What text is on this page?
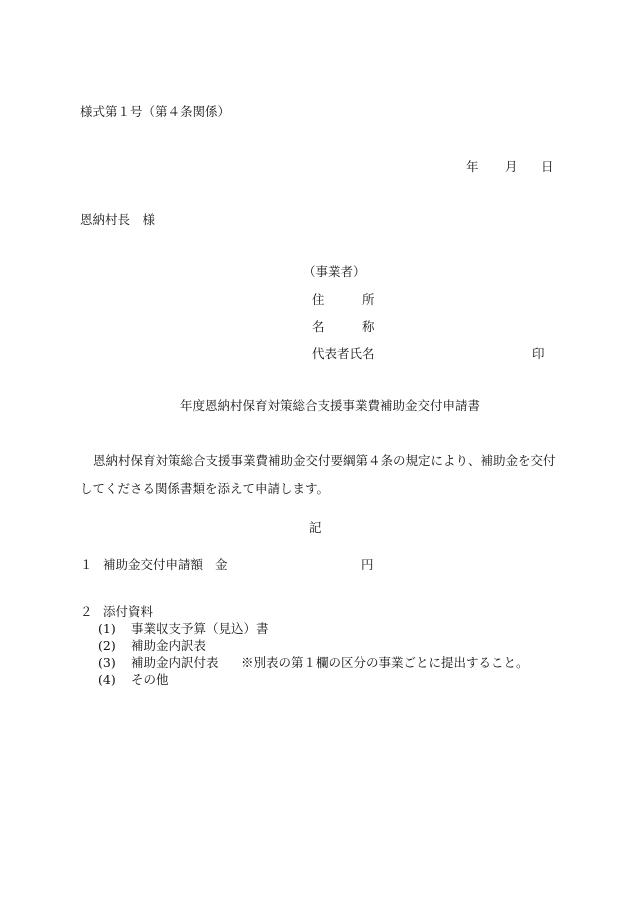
様式第１号（第４条関係）
年 月 日
恩納村長　様
（事業者）
住　　　所
名　　　称
代表者氏名	印
年度恩納村保育対策総合支援事業費補助金交付申請書
恩納村保育対策総合支援事業費補助金交付要綱第４条の規定により、補助金を交付してくださる関係書類を添えて申請します。
記
１ 補助金交付申請額 金	円
２ 添付資料
(1) 事業収支予算（見込）書
(2) 補助金内訳表
(3) 補助金内訳付表 ※別表の第１欄の区分の事業ごとに提出すること。
(4) その他
